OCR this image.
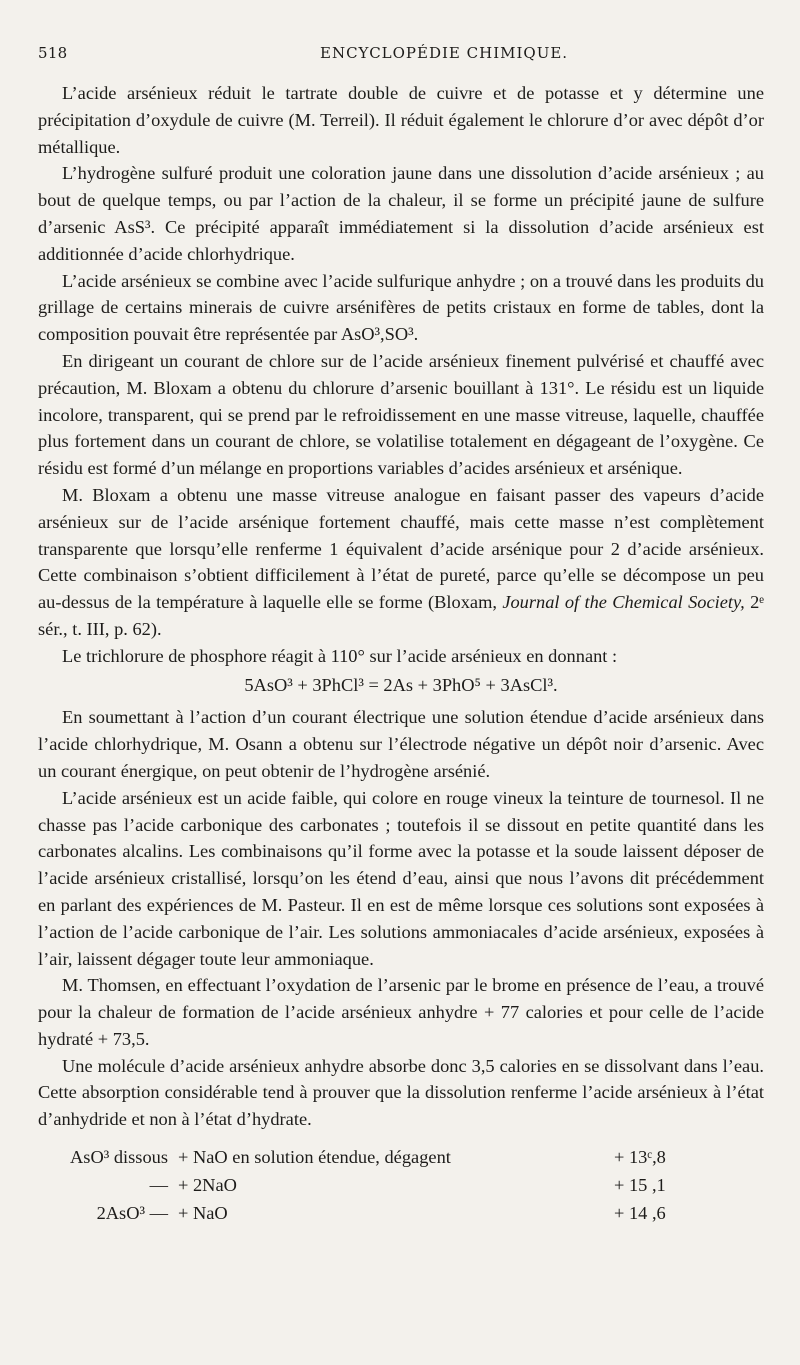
518	ENCYCLOPÉDIE CHIMIQUE.

L’acide arsénieux réduit le tartrate double de cuivre et de potasse et y détermine une précipitation d’oxydule de cuivre (M. Terreil). Il réduit également le chlorure d’or avec dépôt d’or métallique.

L’hydrogène sulfuré produit une coloration jaune dans une dissolution d’acide arsénieux ; au bout de quelque temps, ou par l’action de la chaleur, il se forme un précipité jaune de sulfure d’arsenic AsS³. Ce précipité apparaît immédiatement si la dissolution d’acide arsénieux est additionnée d’acide chlorhydrique.

L’acide arsénieux se combine avec l’acide sulfurique anhydre ; on a trouvé dans les produits du grillage de certains minerais de cuivre arsénifères de petits cristaux en forme de tables, dont la composition pouvait être représentée par AsO³,SO³.

En dirigeant un courant de chlore sur de l’acide arsénieux finement pulvérisé et chauffé avec précaution, M. Bloxam a obtenu du chlorure d’arsenic bouillant à 131°. Le résidu est un liquide incolore, transparent, qui se prend par le refroidissement en une masse vitreuse, laquelle, chauffée plus fortement dans un courant de chlore, se volatilise totalement en dégageant de l’oxygène. Ce résidu est formé d’un mélange en proportions variables d’acides arsénieux et arsénique.

M. Bloxam a obtenu une masse vitreuse analogue en faisant passer des vapeurs d’acide arsénieux sur de l’acide arsénique fortement chauffé, mais cette masse n’est complètement transparente que lorsqu’elle renferme 1 équivalent d’acide arsénique pour 2 d’acide arsénieux. Cette combinaison s’obtient difficilement à l’état de pureté, parce qu’elle se décompose un peu au-dessus de la température à laquelle elle se forme (Bloxam, Journal of the Chemical Society, 2ᵉ sér., t. III, p. 62).

Le trichlorure de phosphore réagit à 110° sur l’acide arsénieux en donnant :

5AsO³ + 3PhCl³ = 2As + 3PhO⁵ + 3AsCl³.

En soumettant à l’action d’un courant électrique une solution étendue d’acide arsénieux dans l’acide chlorhydrique, M. Osann a obtenu sur l’électrode négative un dépôt noir d’arsenic. Avec un courant énergique, on peut obtenir de l’hydrogène arsénié.

L’acide arsénieux est un acide faible, qui colore en rouge vineux la teinture de tournesol. Il ne chasse pas l’acide carbonique des carbonates ; toutefois il se dissout en petite quantité dans les carbonates alcalins. Les combinaisons qu’il forme avec la potasse et la soude laissent déposer de l’acide arsénieux cristallisé, lorsqu’on les étend d’eau, ainsi que nous l’avons dit précédemment en parlant des expériences de M. Pasteur. Il en est de même lorsque ces solutions sont exposées à l’action de l’acide carbonique de l’air. Les solutions ammoniacales d’acide arsénieux, exposées à l’air, laissent dégager toute leur ammoniaque.

M. Thomsen, en effectuant l’oxydation de l’arsenic par le brome en présence de l’eau, a trouvé pour la chaleur de formation de l’acide arsénieux anhydre + 77 calories et pour celle de l’acide hydraté + 73,5.

Une molécule d’acide arsénieux anhydre absorbe donc 3,5 calories en se dissolvant dans l’eau. Cette absorption considérable tend à prouver que la dissolution renferme l’acide arsénieux à l’état d’anhydride et non à l’état d’hydrate.

AsO³ dissous + NaO en solution étendue, dégagent	+ 13ᶜ,8
— + 2NaO	+ 15 ,1
2AsO³ — + NaO	+ 14 ,6
